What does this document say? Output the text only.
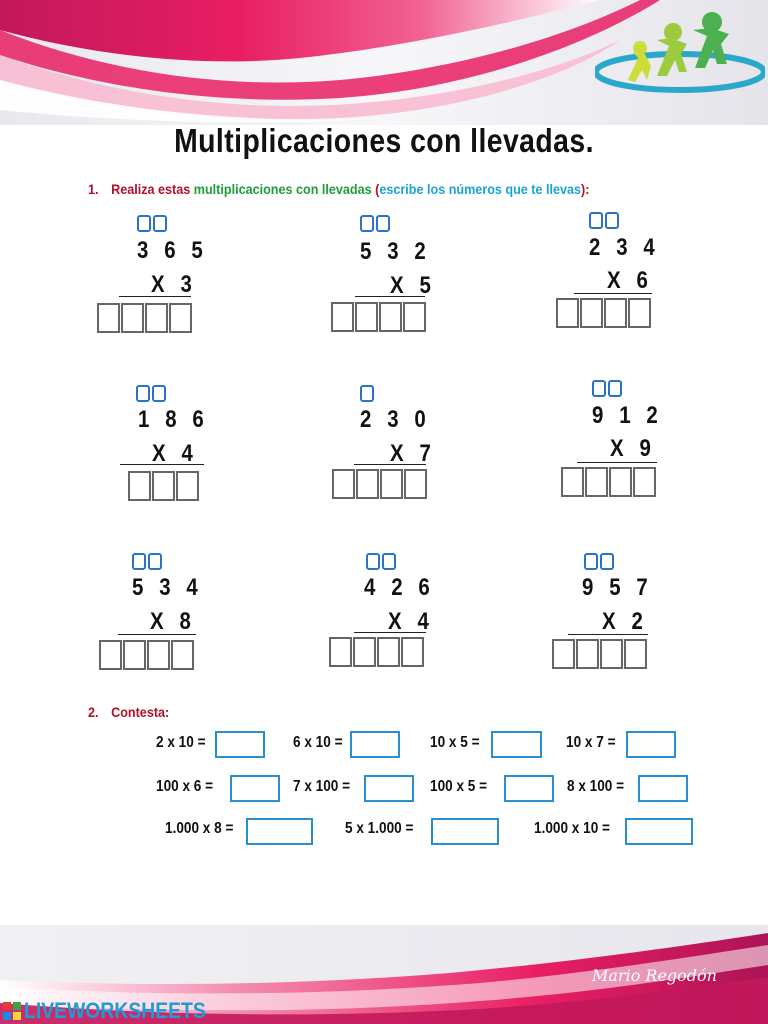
Multiplicaciones con llevadas.
1. Realiza estas multiplicaciones con llevadas (escribe los números que te llevas):
3 6 5
X 3
5 3 2
X 5
2 3 4
X 6
1 8 6
X 4
2 3 0
X 7
9 1 2
X 9
5 3 4
X 8
4 2 6
X 4
9 5 7
X 2
2. Contesta:
2 x 10 =	6 x 10 =	10 x 5 =	10 x 7 =
100 x 6 =	7 x 100 =	100 x 5 =	8 x 100 =
1.000 x 8 =	5 x 1.000 =	1.000 x 10 =
Mario Regodón
LIVEWORKSHEETS
